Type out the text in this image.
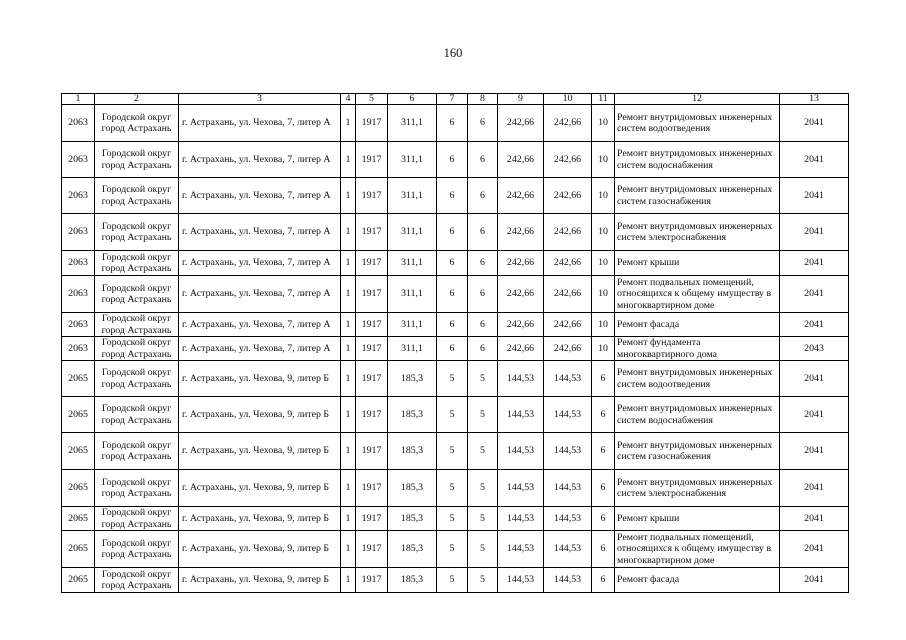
160
1	2	3	4	5	6	7	8	9	10	11	12	13
2063	Городской округ город Астрахань	г. Астрахань, ул. Чехова, 7, литер А	1	1917	311,1	6	6	242,66	242,66	10	Ремонт внутридомовых инженерных систем водоотведения	2041
2063	Городской округ город Астрахань	г. Астрахань, ул. Чехова, 7, литер А	1	1917	311,1	6	6	242,66	242,66	10	Ремонт внутридомовых инженерных систем водоснабжения	2041
2063	Городской округ город Астрахань	г. Астрахань, ул. Чехова, 7, литер А	1	1917	311,1	6	6	242,66	242,66	10	Ремонт внутридомовых инженерных систем газоснабжения	2041
2063	Городской округ город Астрахань	г. Астрахань, ул. Чехова, 7, литер А	1	1917	311,1	6	6	242,66	242,66	10	Ремонт внутридомовых инженерных систем электроснабжения	2041
2063	Городской округ город Астрахань	г. Астрахань, ул. Чехова, 7, литер А	1	1917	311,1	6	6	242,66	242,66	10	Ремонт крыши	2041
2063	Городской округ город Астрахань	г. Астрахань, ул. Чехова, 7, литер А	1	1917	311,1	6	6	242,66	242,66	10	Ремонт подвальных помещений, относящихся к общему имуществу в многоквартирном доме	2041
2063	Городской округ город Астрахань	г. Астрахань, ул. Чехова, 7, литер А	1	1917	311,1	6	6	242,66	242,66	10	Ремонт фасада	2041
2063	Городской округ город Астрахань	г. Астрахань, ул. Чехова, 7, литер А	1	1917	311,1	6	6	242,66	242,66	10	Ремонт фундамента многоквартирного дома	2043
2065	Городской округ город Астрахань	г. Астрахань, ул. Чехова, 9, литер Б	1	1917	185,3	5	5	144,53	144,53	6	Ремонт внутридомовых инженерных систем водоотведения	2041
2065	Городской округ город Астрахань	г. Астрахань, ул. Чехова, 9, литер Б	1	1917	185,3	5	5	144,53	144,53	6	Ремонт внутридомовых инженерных систем водоснабжения	2041
2065	Городской округ город Астрахань	г. Астрахань, ул. Чехова, 9, литер Б	1	1917	185,3	5	5	144,53	144,53	6	Ремонт внутридомовых инженерных систем газоснабжения	2041
2065	Городской округ город Астрахань	г. Астрахань, ул. Чехова, 9, литер Б	1	1917	185,3	5	5	144,53	144,53	6	Ремонт внутридомовых инженерных систем электроснабжения	2041
2065	Городской округ город Астрахань	г. Астрахань, ул. Чехова, 9, литер Б	1	1917	185,3	5	5	144,53	144,53	6	Ремонт крыши	2041
2065	Городской округ город Астрахань	г. Астрахань, ул. Чехова, 9, литер Б	1	1917	185,3	5	5	144,53	144,53	6	Ремонт подвальных помещений, относящихся к общему имуществу в многоквартирном доме	2041
2065	Городской округ город Астрахань	г. Астрахань, ул. Чехова, 9, литер Б	1	1917	185,3	5	5	144,53	144,53	6	Ремонт фасада	2041
